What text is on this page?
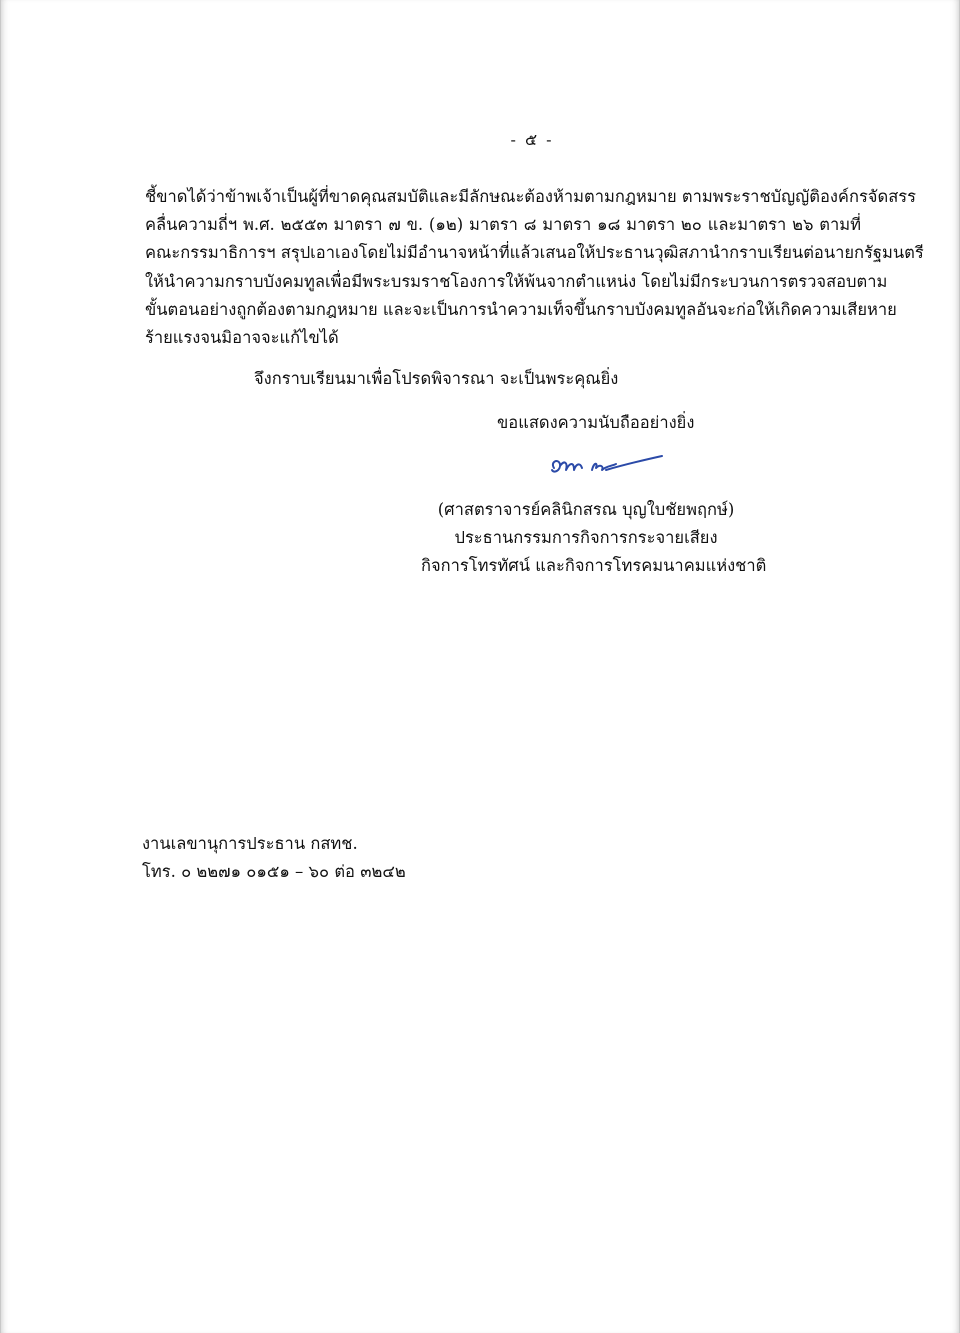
- ๕ -
ชี้ขาดได้ว่าข้าพเจ้าเป็นผู้ที่ขาดคุณสมบัติและมีลักษณะต้องห้ามตามกฎหมาย ตามพระราชบัญญัติองค์กรจัดสรร
คลื่นความถี่ฯ พ.ศ. ๒๕๕๓ มาตรา ๗ ข. (๑๒) มาตรา ๘ มาตรา ๑๘ มาตรา ๒๐ และมาตรา ๒๖ ตามที่
คณะกรรมาธิการฯ สรุปเอาเองโดยไม่มีอำนาจหน้าที่แล้วเสนอให้ประธานวุฒิสภานำกราบเรียนต่อนายกรัฐมนตรี
ให้นำความกราบบังคมทูลเพื่อมีพระบรมราชโองการให้พ้นจากตำแหน่ง โดยไม่มีกระบวนการตรวจสอบตาม
ขั้นตอนอย่างถูกต้องตามกฎหมาย และจะเป็นการนำความเท็จขึ้นกราบบังคมทูลอันจะก่อให้เกิดความเสียหาย
ร้ายแรงจนมิอาจจะแก้ไขได้
จึงกราบเรียนมาเพื่อโปรดพิจารณา จะเป็นพระคุณยิ่ง
ขอแสดงความนับถืออย่างยิ่ง
(ศาสตราจารย์คลินิกสรณ บุญใบชัยพฤกษ์)
ประธานกรรมการกิจการกระจายเสียง
กิจการโทรทัศน์ และกิจการโทรคมนาคมแห่งชาติ
งานเลขานุการประธาน กสทช.
โทร. ๐ ๒๒๗๑ ๐๑๕๑ – ๖๐ ต่อ ๓๒๔๒
